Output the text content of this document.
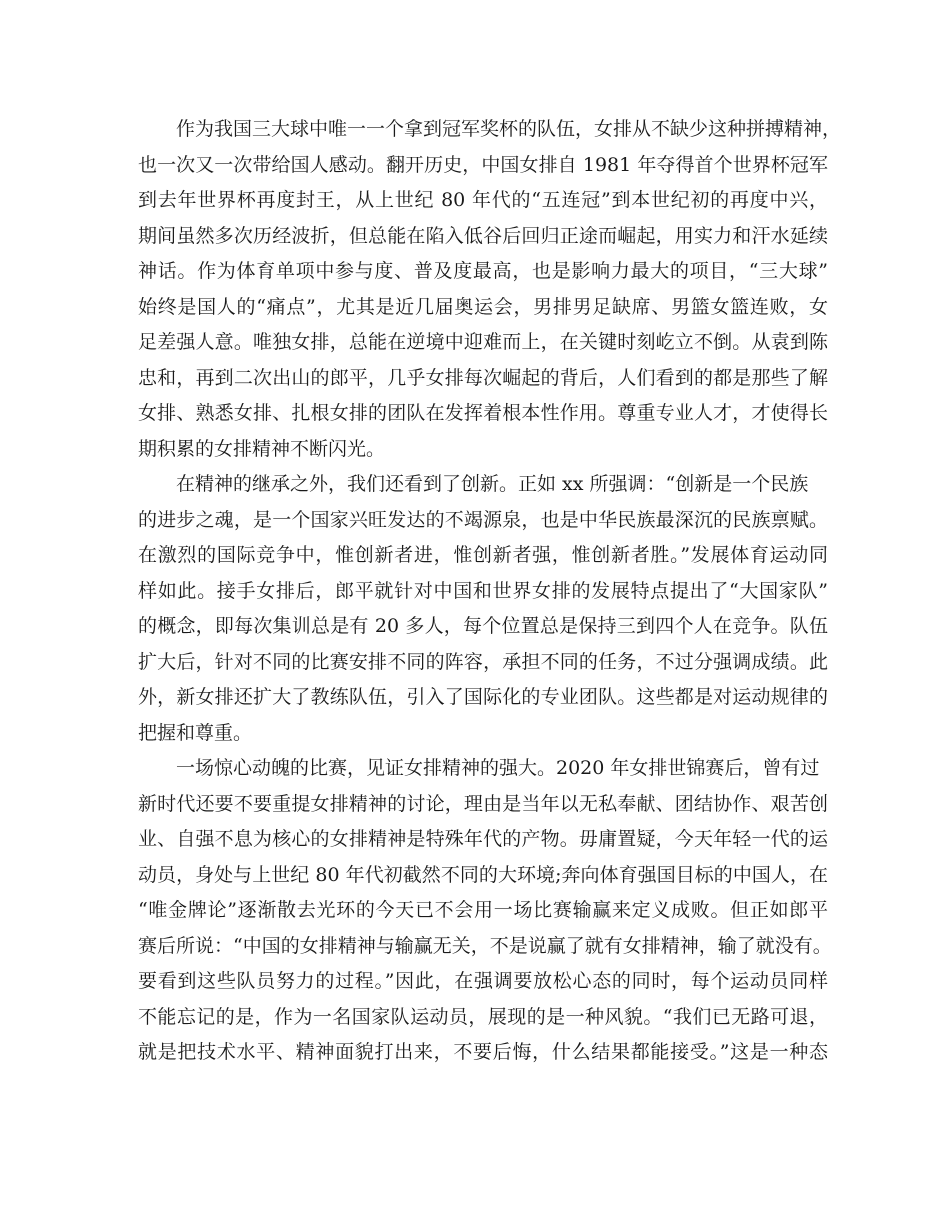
作为我国三大球中唯一一个拿到冠军奖杯的队伍，女排从不缺少这种拼搏精神，
也一次又一次带给国人感动。翻开历史，中国女排自 1981 年夺得首个世界杯冠军
到去年世界杯再度封王，从上世纪 80 年代的“五连冠”到本世纪初的再度中兴，
期间虽然多次历经波折，但总能在陷入低谷后回归正途而崛起，用实力和汗水延续
神话。作为体育单项中参与度、普及度最高，也是影响力最大的项目，“三大球”
始终是国人的“痛点”，尤其是近几届奥运会，男排男足缺席、男篮女篮连败，女
足差强人意。唯独女排，总能在逆境中迎难而上，在关键时刻屹立不倒。从袁到陈
忠和，再到二次出山的郎平，几乎女排每次崛起的背后，人们看到的都是那些了解
女排、熟悉女排、扎根女排的团队在发挥着根本性作用。尊重专业人才，才使得长
期积累的女排精神不断闪光。
在精神的继承之外，我们还看到了创新。正如 xx 所强调：“创新是一个民族
的进步之魂，是一个国家兴旺发达的不竭源泉，也是中华民族最深沉的民族禀赋。
在激烈的国际竞争中，惟创新者进，惟创新者强，惟创新者胜。”发展体育运动同
样如此。接手女排后，郎平就针对中国和世界女排的发展特点提出了“大国家队”
的概念，即每次集训总是有 20 多人，每个位置总是保持三到四个人在竞争。队伍
扩大后，针对不同的比赛安排不同的阵容，承担不同的任务，不过分强调成绩。此
外，新女排还扩大了教练队伍，引入了国际化的专业团队。这些都是对运动规律的
把握和尊重。
一场惊心动魄的比赛，见证女排精神的强大。2020 年女排世锦赛后，曾有过
新时代还要不要重提女排精神的讨论，理由是当年以无私奉献、团结协作、艰苦创
业、自强不息为核心的女排精神是特殊年代的产物。毋庸置疑，今天年轻一代的运
动员，身处与上世纪 80 年代初截然不同的大环境;奔向体育强国目标的中国人，在
“唯金牌论”逐渐散去光环的今天已不会用一场比赛输赢来定义成败。但正如郎平
赛后所说：“中国的女排精神与输赢无关，不是说赢了就有女排精神，输了就没有。
要看到这些队员努力的过程。”因此，在强调要放松心态的同时，每个运动员同样
不能忘记的是，作为一名国家队运动员，展现的是一种风貌。“我们已无路可退，
就是把技术水平、精神面貌打出来，不要后悔，什么结果都能接受。”这是一种态
